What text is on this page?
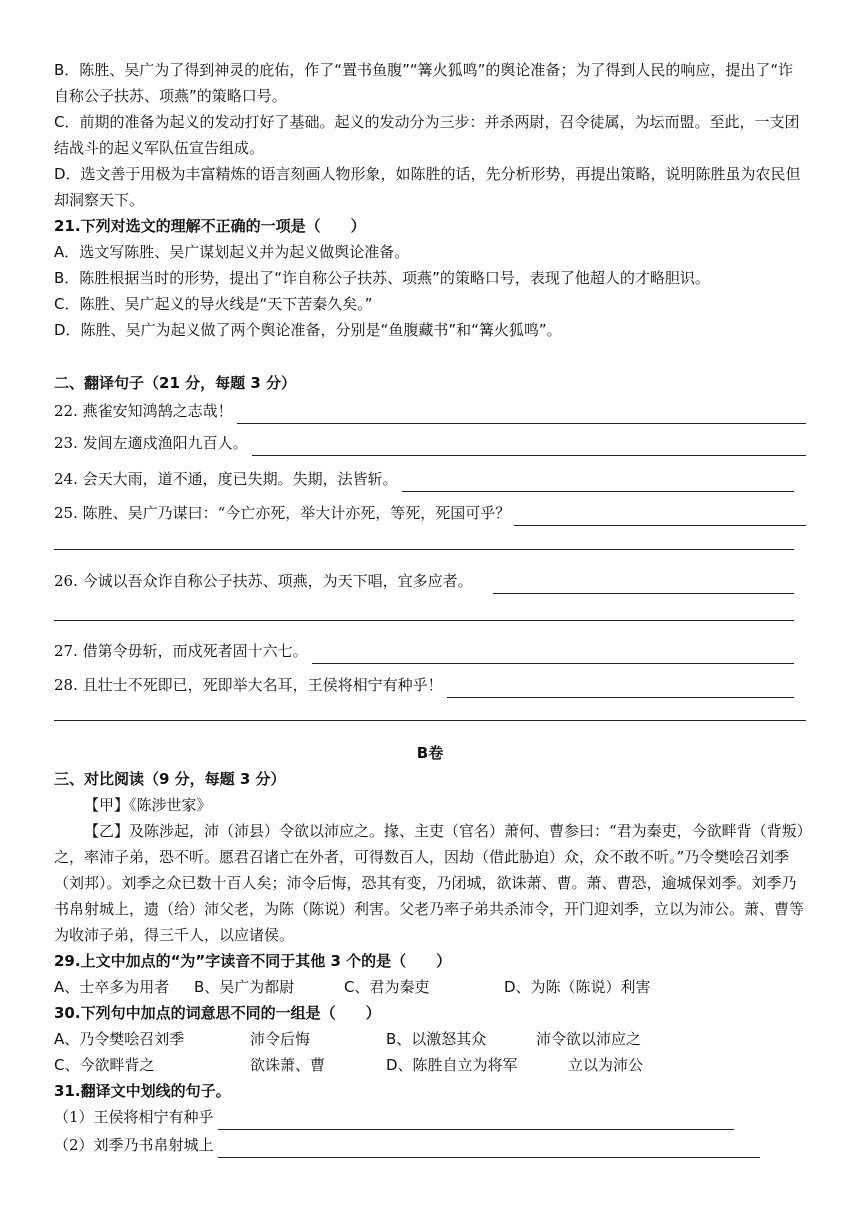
B．陈胜、吴广为了得到神灵的庇佑，作了“置书鱼腹”“篝火狐鸣”的舆论准备；为了得到人民的响应，提出了“诈自称公子扶苏、项燕”的策略口号。

C．前期的准备为起义的发动打好了基础。起义的发动分为三步：并杀两尉，召令徒属，为坛而盟。至此，一支团结战斗的起义军队伍宣告组成。

D．选文善于用极为丰富精炼的语言刻画人物形象，如陈胜的话，先分析形势，再提出策略，说明陈胜虽为农民但却洞察天下。

21.下列对选文的理解不正确的一项是（　　）

A．选文写陈胜、吴广谋划起义并为起义做舆论准备。

B．陈胜根据当时的形势，提出了“诈自称公子扶苏、项燕”的策略口号，表现了他超人的才略胆识。

C．陈胜、吴广起义的导火线是“天下苦秦久矣。”

D．陈胜、吴广为起义做了两个舆论准备，分别是“鱼腹藏书”和“篝火狐鸣”。

二、翻译句子（21 分，每题 3 分）

22. 燕雀安知鸿鹄之志哉！
23. 发闾左適戍渔阳九百人。
24. 会天大雨，道不通，度已失期。失期，法皆斩。
25. 陈胜、吴广乃谋曰：“今亡亦死，举大计亦死，等死，死国可乎？
26. 今诚以吾众诈自称公子扶苏、项燕，为天下唱，宜多应者。
27. 借第令毋斩，而戍死者固十六七。
28. 且壮士不死即已，死即举大名耳，王侯将相宁有种乎！
B卷

三、对比阅读（9 分，每题 3 分）

【甲】《陈涉世家》

【乙】及陈涉起，沛（沛县）令欲以沛应之。掾、主吏（官名）萧何、曹参曰：“君为秦吏，今欲畔背（背叛）之，率沛子弟，恐不听。愿君召诸亡在外者，可得数百人，因劫（借此胁迫）众，众不敢不听。”乃令樊哙召刘季（刘邦）。刘季之众已数十百人矣；沛令后悔，恐其有变，乃闭城，欲诛萧、曹。萧、曹恐，逾城保刘季。刘季乃书帛射城上，遗（给）沛父老，为陈（陈说）利害。父老乃率子弟共杀沛令，开门迎刘季，立以为沛公。萧、曹等为收沛子弟，得三千人，以应诸侯。

29.上文中加点的“为”字读音不同于其他 3 个的是（　　）

A、士卒多为用者	B、吴广为都尉	C、君为秦吏	D、为陈（陈说）利害

30.下列句中加点的词意思不同的一组是（　　）

A、乃令樊哙召刘季	沛令后悔	B、以激怒其众	沛令欲以沛应之
C、今欲畔背之	欲诛萧、曹	D、陈胜自立为将军	立以为沛公

31.翻译文中划线的句子。

（1）王侯将相宁有种乎
（2）刘季乃书帛射城上
